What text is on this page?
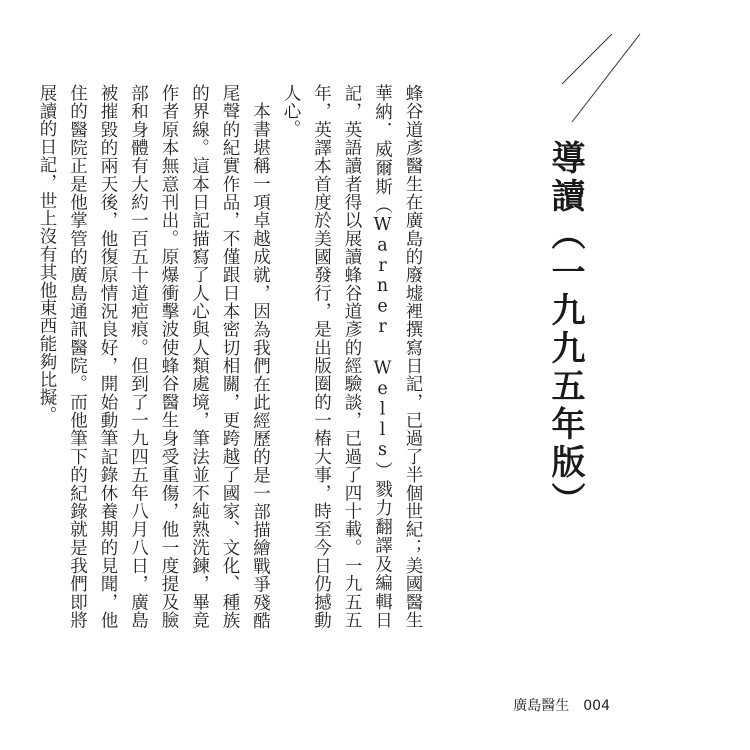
導讀（一九九五年版）

蜂谷道彥醫生在廣島的廢墟裡撰寫日記，已過了半個世紀；美國醫生華納．威爾斯（Warner Wells）戮力翻譯及編輯日記，英語讀者得以展讀蜂谷道彥的經驗談，已過了四十載。一九五五年，英譯本首度於美國發行，是出版圈的一樁大事，時至今日仍撼動人心。

本書堪稱一項卓越成就，因為我們在此經歷的是一部描繪戰爭殘酷尾聲的紀實作品，不僅跟日本密切相關，更跨越了國家、文化、種族的界線。這本日記描寫了人心與人類處境，筆法並不純熟洗鍊，畢竟作者原本無意刊出。原爆衝擊波使蜂谷醫生身受重傷，他一度提及臉部和身體有大約一百五十道疤痕。但到了一九四五年八月八日，廣島被摧毀的兩天後，他復原情況良好，開始動筆記錄休養期的見聞，他住的醫院正是他掌管的廣島通訊醫院。而他筆下的紀錄就是我們即將展讀的日記，世上沒有其他東西能夠比擬。

廣島醫生 004
